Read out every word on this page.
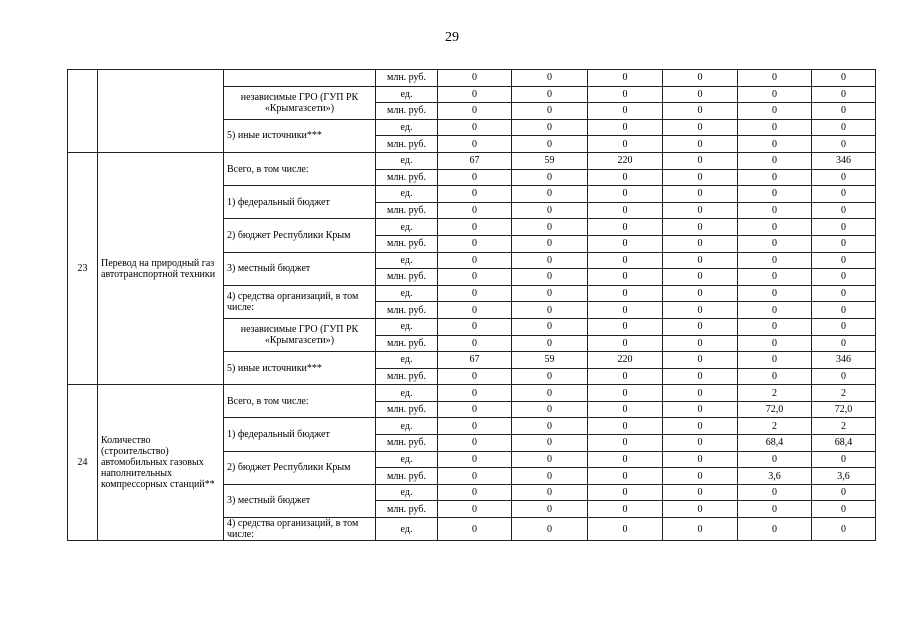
29
			млн. руб.	0	0	0	0	0	0
		независимые ГРО (ГУП РК «Крымгазсети»)	ед.	0	0	0	0	0	0
			млн. руб.	0	0	0	0	0	0
		5) иные источники***	ед.	0	0	0	0	0	0
			млн. руб.	0	0	0	0	0	0
23	Перевод на природный газ автотранспортной техники	Всего, в том числе:	ед.	67	59	220	0	0	346
			млн. руб.	0	0	0	0	0	0
		1) федеральный бюджет	ед.	0	0	0	0	0	0
			млн. руб.	0	0	0	0	0	0
		2) бюджет Республики Крым	ед.	0	0	0	0	0	0
			млн. руб.	0	0	0	0	0	0
		3) местный бюджет	ед.	0	0	0	0	0	0
			млн. руб.	0	0	0	0	0	0
		4) средства организаций, в том числе:	ед.	0	0	0	0	0	0
			млн. руб.	0	0	0	0	0	0
		независимые ГРО (ГУП РК «Крымгазсети»)	ед.	0	0	0	0	0	0
			млн. руб.	0	0	0	0	0	0
		5) иные источники***	ед.	67	59	220	0	0	346
			млн. руб.	0	0	0	0	0	0
24	Количество (строительство) автомобильных газовых наполнительных компрессорных станций**	Всего, в том числе:	ед.	0	0	0	0	2	2
			млн. руб.	0	0	0	0	72,0	72,0
		1) федеральный бюджет	ед.	0	0	0	0	2	2
			млн. руб.	0	0	0	0	68,4	68,4
		2) бюджет Республики Крым	ед.	0	0	0	0	0	0
			млн. руб.	0	0	0	0	3,6	3,6
		3) местный бюджет	ед.	0	0	0	0	0	0
			млн. руб.	0	0	0	0	0	0
		4) средства организаций, в том числе:	ед.	0	0	0	0	0	0
